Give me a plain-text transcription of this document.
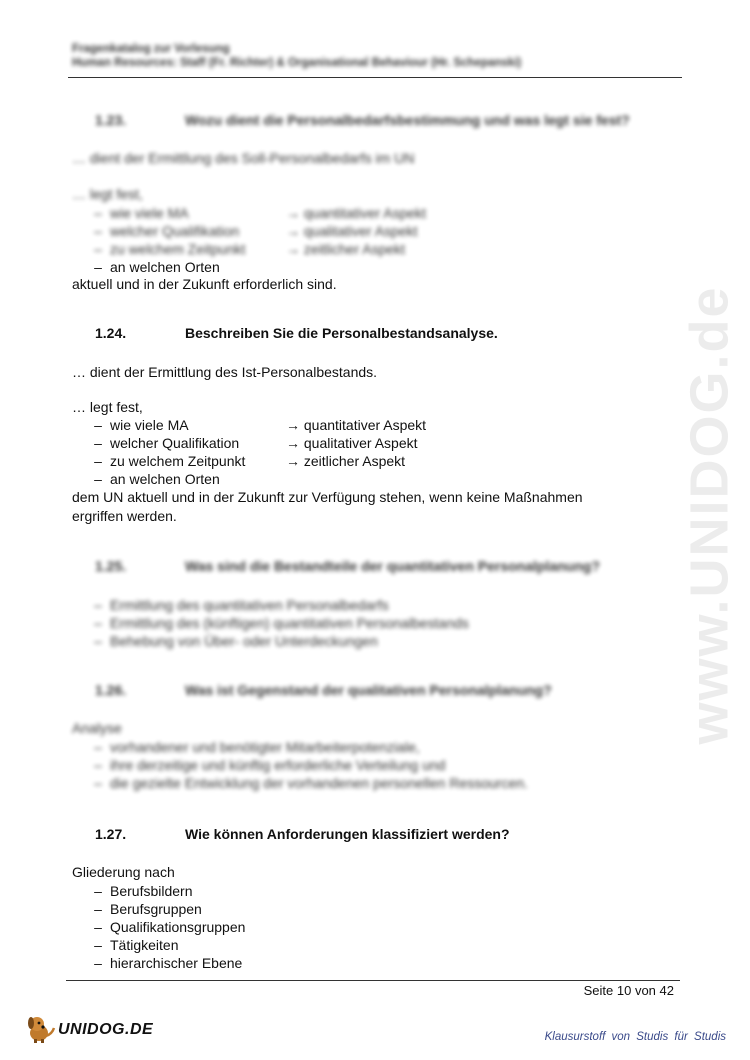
Fragenkatalog zur Vorlesung
Human Resources: Staff (Fr. Richter) & Organisational Behaviour (Hr. Schepanski)
www.UNIDOG.de
1.23.	Wozu dient die Personalbedarfsbestimmung und was legt sie fest?
… dient der Ermittlung des Soll-Personalbedarfs im UN
… legt fest,
– wie viele MA	→ quantitativer Aspekt
– welcher Qualifikation	→ qualitativer Aspekt
– zu welchem Zeitpunkt	→ zeitlicher Aspekt
– an welchen Orten
aktuell und in der Zukunft erforderlich sind.
1.24.	Beschreiben Sie die Personalbestandsanalyse.
… dient der Ermittlung des Ist-Personalbestands.
… legt fest,
– wie viele MA	→ quantitativer Aspekt
– welcher Qualifikation	→ qualitativer Aspekt
– zu welchem Zeitpunkt	→ zeitlicher Aspekt
– an welchen Orten
dem UN aktuell und in der Zukunft zur Verfügung stehen, wenn keine Maßnahmen
ergriffen werden.
1.25.	Was sind die Bestandteile der quantitativen Personalplanung?
– Ermittlung des quantitativen Personalbedarfs
– Ermittlung des (künftigen) quantitativen Personalbestands
– Behebung von Über- oder Unterdeckungen
1.26.	Was ist Gegenstand der qualitativen Personalplanung?
Analyse
– vorhandener und benötigter Mitarbeiterpotenziale,
– ihre derzeitige und künftig erforderliche Verteilung und
– die gezielte Entwicklung der vorhandenen personellen Ressourcen.
1.27.	Wie können Anforderungen klassifiziert werden?
Gliederung nach
– Berufsbildern
– Berufsgruppen
– Qualifikationsgruppen
– Tätigkeiten
– hierarchischer Ebene
Seite 10 von 42
UNIDOG.DE	Klausurstoff von Studis für Studis
